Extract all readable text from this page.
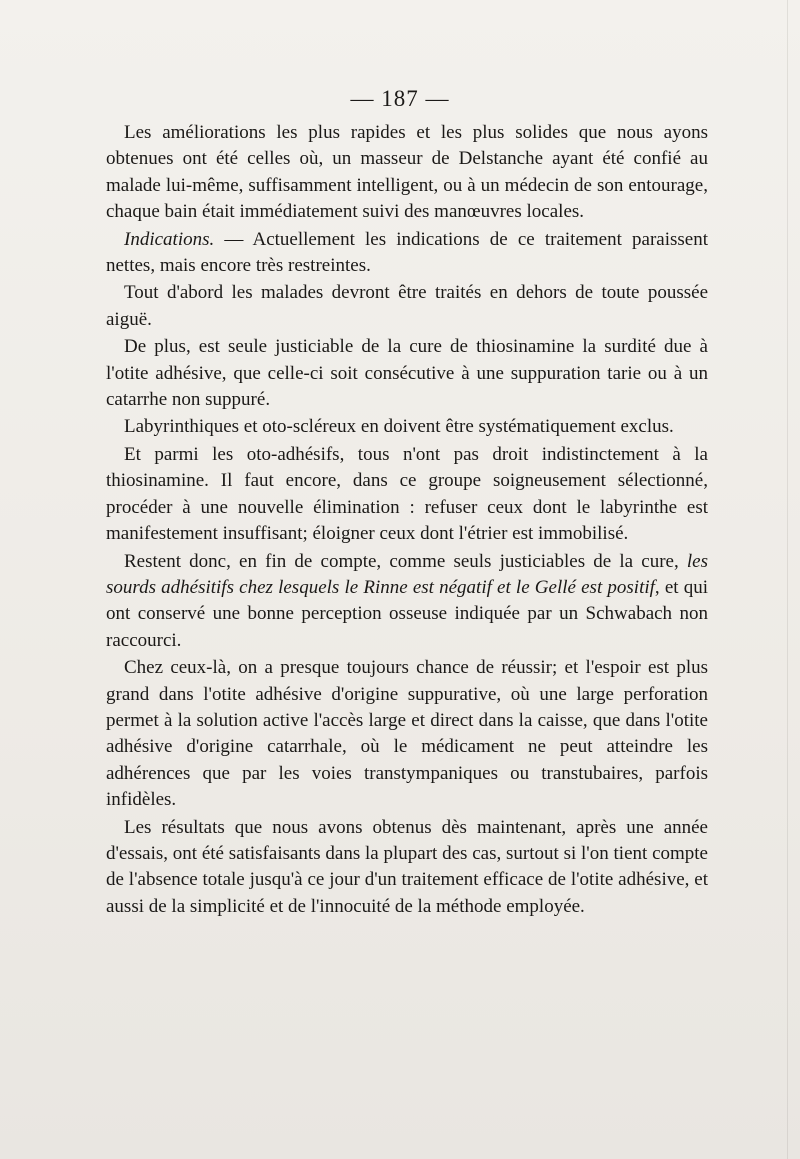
— 187 —

Les améliorations les plus rapides et les plus solides que nous ayons obtenues ont été celles où, un masseur de Delstanche ayant été confié au malade lui-même, suffisamment intelligent, ou à un médecin de son entourage, chaque bain était immédiatement suivi des manœuvres locales.

Indications. — Actuellement les indications de ce traitement paraissent nettes, mais encore très restreintes.

Tout d'abord les malades devront être traités en dehors de toute poussée aiguë.

De plus, est seule justiciable de la cure de thiosinamine la surdité due à l'otite adhésive, que celle-ci soit consécutive à une suppuration tarie ou à un catarrhe non suppuré.

Labyrinthiques et oto-scléreux en doivent être systématiquement exclus.

Et parmi les oto-adhésifs, tous n'ont pas droit indistinctement à la thiosinamine. Il faut encore, dans ce groupe soigneusement sélectionné, procéder à une nouvelle élimination : refuser ceux dont le labyrinthe est manifestement insuffisant; éloigner ceux dont l'étrier est immobilisé.

Restent donc, en fin de compte, comme seuls justiciables de la cure, les sourds adhésitifs chez lesquels le Rinne est négatif et le Gellé est positif, et qui ont conservé une bonne perception osseuse indiquée par un Schwabach non raccourci.

Chez ceux-là, on a presque toujours chance de réussir; et l'espoir est plus grand dans l'otite adhésive d'origine suppurative, où une large perforation permet à la solution active l'accès large et direct dans la caisse, que dans l'otite adhésive d'origine catarrhale, où le médicament ne peut atteindre les adhérences que par les voies transtympaniques ou transtubaires, parfois infidèles.

Les résultats que nous avons obtenus dès maintenant, après une année d'essais, ont été satisfaisants dans la plupart des cas, surtout si l'on tient compte de l'absence totale jusqu'à ce jour d'un traitement efficace de l'otite adhésive, et aussi de la simplicité et de l'innocuité de la méthode employée.
